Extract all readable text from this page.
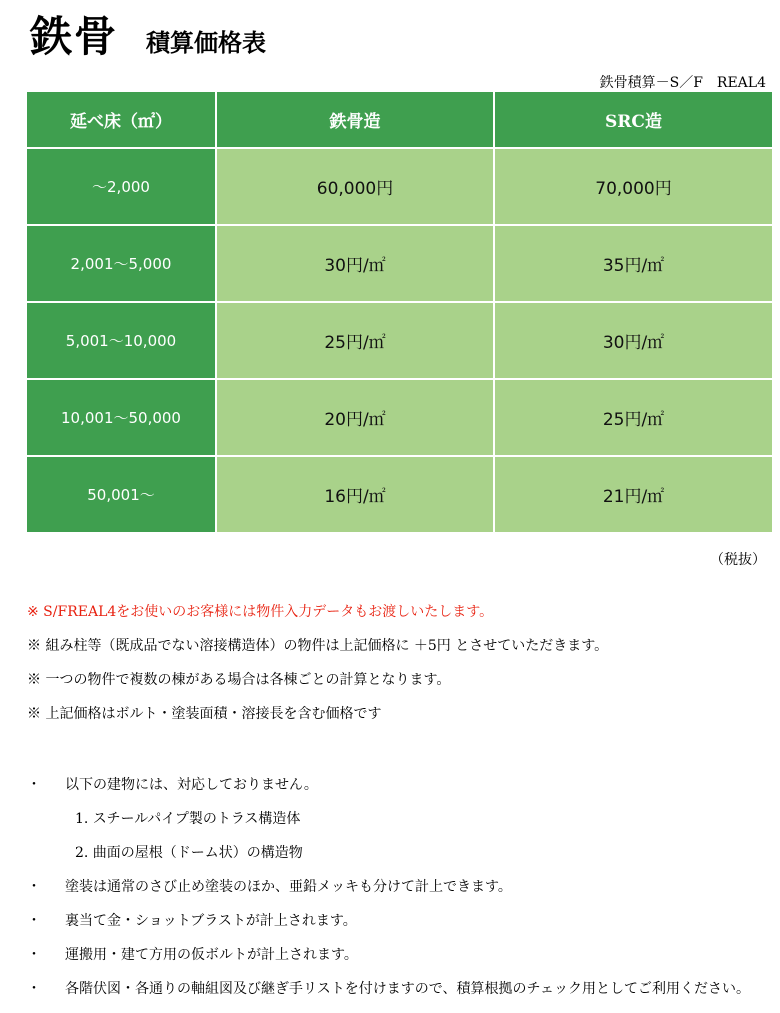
鉄骨 積算価格表
鉄骨積算－S／F　REAL4
延べ床（㎡）	鉄骨造	SRC造
～2,000	60,000円	70,000円
2,001～5,000	30円/㎡	35円/㎡
5,001～10,000	25円/㎡	30円/㎡
10,001～50,000	20円/㎡	25円/㎡
50,001～	16円/㎡	21円/㎡
（税抜）
※ S/FREAL4をお使いのお客様には物件入力データもお渡しいたします。
※ 組み柱等（既成品でない溶接構造体）の物件は上記価格に ＋5円 とさせていただきます。
※ 一つの物件で複数の棟がある場合は各棟ごとの計算となります。
※ 上記価格はボルト・塗装面積・溶接長を含む価格です
・	以下の建物には、対応しておりません。
1. スチールパイプ製のトラス構造体
2. 曲面の屋根（ドーム状）の構造物
・	塗装は通常のさび止め塗装のほか、亜鉛メッキも分けて計上できます。
・	裏当て金・ショットブラストが計上されます。
・	運搬用・建て方用の仮ボルトが計上されます。
・	各階伏図・各通りの軸組図及び継ぎ手リストを付けますので、積算根拠のチェック用としてご利用ください。
